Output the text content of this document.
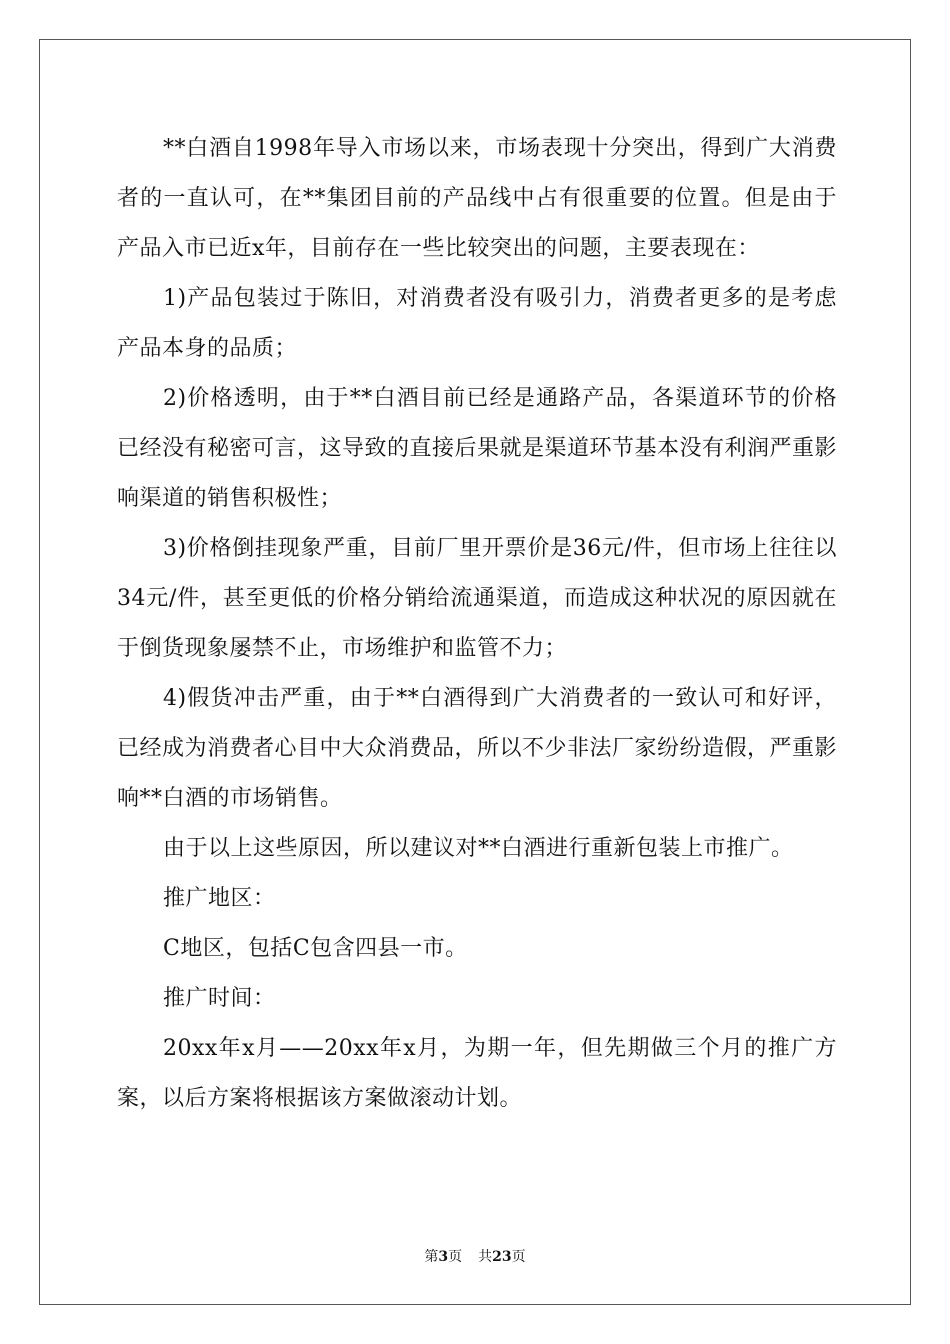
**白酒自1998年导入市场以来，市场表现十分突出，得到广大消费者的一直认可，在**集团目前的产品线中占有很重要的位置。但是由于产品入市已近x年，目前存在一些比较突出的问题，主要表现在：

1)产品包装过于陈旧，对消费者没有吸引力，消费者更多的是考虑产品本身的品质；

2)价格透明，由于**白酒目前已经是通路产品，各渠道环节的价格已经没有秘密可言，这导致的直接后果就是渠道环节基本没有利润严重影响渠道的销售积极性；

3)价格倒挂现象严重，目前厂里开票价是36元/件，但市场上往往以34元/件，甚至更低的价格分销给流通渠道，而造成这种状况的原因就在于倒货现象屡禁不止，市场维护和监管不力；

4)假货冲击严重，由于**白酒得到广大消费者的一致认可和好评，已经成为消费者心目中大众消费品，所以不少非法厂家纷纷造假，严重影响**白酒的市场销售。

由于以上这些原因，所以建议对**白酒进行重新包装上市推广。

推广地区：

C地区，包括C包含四县一市。

推广时间：

20xx年x月——20xx年x月，为期一年，但先期做三个月的推广方案，以后方案将根据该方案做滚动计划。

第3页 共23页
